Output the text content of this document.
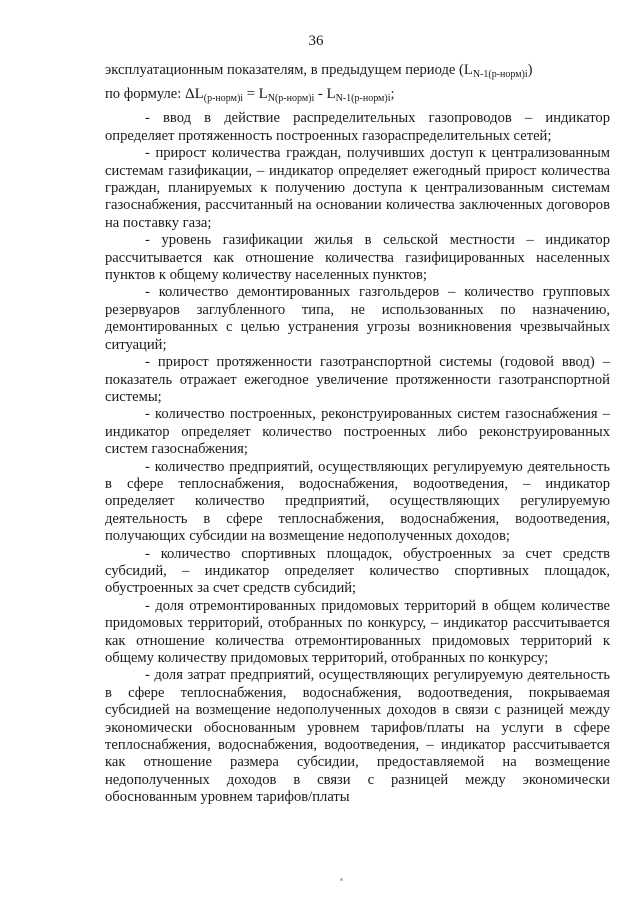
36

эксплуатационным показателям, в предыдущем периоде $(L_{N-1(р-норм)i})$

по формуле: $\Delta L_{(р-норм)i} = L_{N(р-норм)i} - L_{N-1(р-норм)i}$;

- ввод в действие распределительных газопроводов – индикатор определяет протяженность построенных газораспределительных сетей;

- прирост количества граждан, получивших доступ к централизованным системам газификации, – индикатор определяет ежегодный прирост количества граждан, планируемых к получению доступа к централизованным системам газоснабжения, рассчитанный на основании количества заключенных договоров на поставку газа;

- уровень газификации жилья в сельской местности – индикатор рассчитывается как отношение количества газифицированных населенных пунктов к общему количеству населенных пунктов;

- количество демонтированных газгольдеров – количество групповых резервуаров заглубленного типа, не использованных по назначению, демонтированных с целью устранения угрозы возникновения чрезвычайных ситуаций;

- прирост протяженности газотранспортной системы (годовой ввод) – показатель отражает ежегодное увеличение протяженности газотранспортной системы;

- количество построенных, реконструированных систем газоснабжения – индикатор определяет количество построенных либо реконструированных систем газоснабжения;

- количество предприятий, осуществляющих регулируемую деятельность в сфере теплоснабжения, водоснабжения, водоотведения, – индикатор определяет количество предприятий, осуществляющих регулируемую деятельность в сфере теплоснабжения, водоснабжения, водоотведения, получающих субсидии на возмещение недополученных доходов;

- количество спортивных площадок, обустроенных за счет средств субсидий, – индикатор определяет количество спортивных площадок, обустроенных за счет средств субсидий;

- доля отремонтированных придомовых территорий в общем количестве придомовых территорий, отобранных по конкурсу, – индикатор рассчитывается как отношение количества отремонтированных придомовых территорий к общему количеству придомовых территорий, отобранных по конкурсу;

- доля затрат предприятий, осуществляющих регулируемую деятельность в сфере теплоснабжения, водоснабжения, водоотведения, покрываемая субсидией на возмещение недополученных доходов в связи с разницей между экономически обоснованным уровнем тарифов/платы на услуги в сфере теплоснабжения, водоснабжения, водоотведения, – индикатор рассчитывается как отношение размера субсидии, предоставляемой на возмещение недополученных доходов в связи с разницей между экономически обоснованным уровнем тарифов/платы
